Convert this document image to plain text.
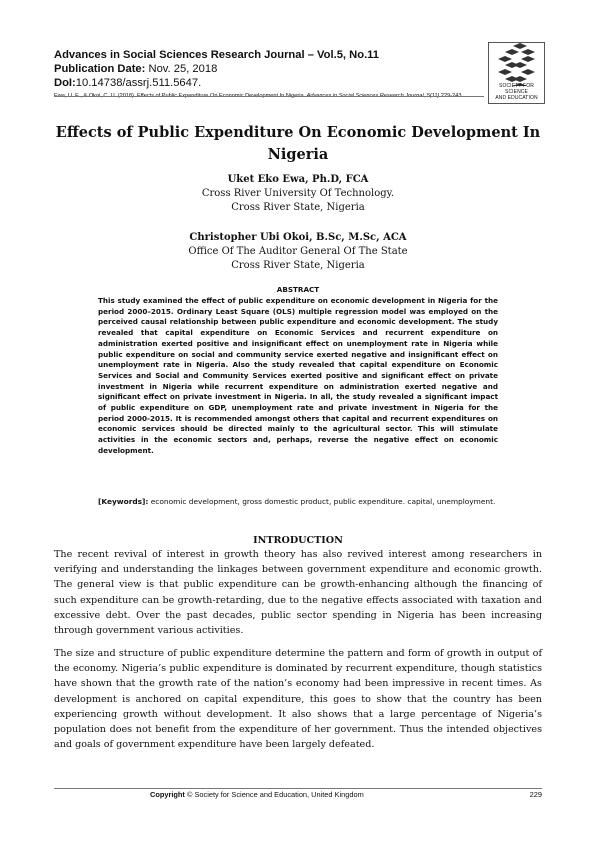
Advances in Social Sciences Research Journal – Vol.5, No.11

Publication Date: Nov. 25, 2018
DoI:10.14738/assrj.511.5647.
Ewa, U. E., & Okoi, C. U. (2018). Effects of Public Expenditure On Economic Development In Nigeria. Advances in Social Sciences Research Journal, 5(11) 229-243.
SOCIETY FOR SCIENCE
AND EDUCATION
Effects of Public Expenditure On Economic Development In
Nigeria
Uket Eko Ewa, Ph.D, FCA
Cross River University Of Technology.
Cross River State, Nigeria
Christopher Ubi Okoi, B.Sc, M.Sc, ACA
Office Of The Auditor General Of The State
Cross River State, Nigeria
ABSTRACT
This study examined the effect of public expenditure on economic development in Nigeria for the period 2000–2015. Ordinary Least Square (OLS) multiple regression model was employed on the perceived causal relationship between public expenditure and economic development. The study revealed that capital expenditure on Economic Services and recurrent expenditure on administration exerted positive and insignificant effect on unemployment rate in Nigeria while public expenditure on social and community service exerted negative and insignificant effect on unemployment rate in Nigeria. Also the study revealed that capital expenditure on Economic Services and Social and Community Services exerted positive and significant effect on private investment in Nigeria while recurrent expenditure on administration exerted negative and significant effect on private investment in Nigeria. In all, the study revealed a significant impact of public expenditure on GDP, unemployment rate and private investment in Nigeria for the period 2000-2015. It is recommended amongst others that capital and recurrent expenditures on economic services should be directed mainly to the agricultural sector. This will stimulate activities in the economic sectors and, perhaps, reverse the negative effect on economic development.
[Keywords]: economic development, gross domestic product, public expenditure. capital, unemployment.
INTRODUCTION
The recent revival of interest in growth theory has also revived interest among researchers in verifying and understanding the linkages between government expenditure and economic growth. The general view is that public expenditure can be growth-enhancing although the financing of such expenditure can be growth-retarding, due to the negative effects associated with taxation and excessive debt. Over the past decades, public sector spending in Nigeria has been increasing through government various activities.
The size and structure of public expenditure determine the pattern and form of growth in output of the economy. Nigeria’s public expenditure is dominated by recurrent expenditure, though statistics have shown that the growth rate of the nation’s economy had been impressive in recent times. As development is anchored on capital expenditure, this goes to show that the country has been experiencing growth without development. It also shows that a large percentage of Nigeria’s population does not benefit from the expenditure of her government. Thus the intended objectives and goals of government expenditure have been largely defeated.
Copyright © Society for Science and Education, United Kingdom	229
